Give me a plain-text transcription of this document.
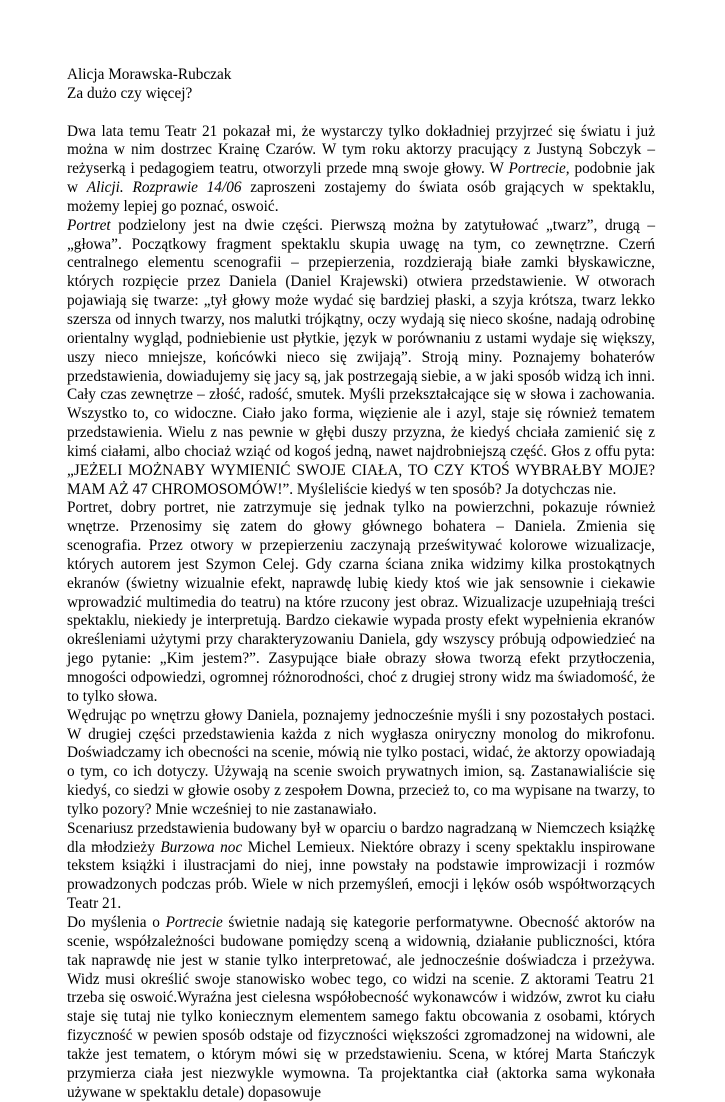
Alicja Morawska-Rubczak

Za dużo czy więcej?

Dwa lata temu Teatr 21 pokazał mi, że wystarczy tylko dokładniej przyjrzeć się światu i już można w nim dostrzec Krainę Czarów. W tym roku aktorzy pracujący z Justyną Sobczyk – reżyserką i pedagogiem teatru, otworzyli przede mną swoje głowy. W Portrecie, podobnie jak w Alicji. Rozprawie 14/06 zaproszeni zostajemy do świata osób grających w spektaklu, możemy lepiej go poznać, oswoić.

Portret podzielony jest na dwie części. Pierwszą można by zatytułować „twarz”, drugą – „głowa”. Początkowy fragment spektaklu skupia uwagę na tym, co zewnętrzne. Czerń centralnego elementu scenografii – przepierzenia, rozdzierają białe zamki błyskawiczne, których rozpięcie przez Daniela (Daniel Krajewski) otwiera przedstawienie. W otworach pojawiają się twarze: „tył głowy może wydać się bardziej płaski, a szyja krótsza, twarz lekko szersza od innych twarzy, nos malutki trójkątny, oczy wydają się nieco skośne, nadają odrobinę orientalny wygląd, podniebienie ust płytkie, język w porównaniu z ustami wydaje się większy, uszy nieco mniejsze, końcówki nieco się zwijają”. Stroją miny. Poznajemy bohaterów przedstawienia, dowiadujemy się jacy są, jak postrzegają siebie, a w jaki sposób widzą ich inni. Cały czas zewnętrze – złość, radość, smutek. Myśli przekształcające się w słowa i zachowania. Wszystko to, co widoczne. Ciało jako forma, więzienie ale i azyl, staje się również tematem przedstawienia. Wielu z nas pewnie w głębi duszy przyzna, że kiedyś chciała zamienić się z kimś ciałami, albo chociaż wziąć od kogoś jedną, nawet najdrobniejszą część. Głos z offu pyta: „JEŻELI MOŻNABY WYMIENIĆ SWOJE CIAŁA, TO CZY KTOŚ WYBRAŁBY MOJE? MAM AŻ 47 CHROMOSOMÓW!”. Myśleliście kiedyś w ten sposób? Ja dotychczas nie.

Portret, dobry portret, nie zatrzymuje się jednak tylko na powierzchni, pokazuje również wnętrze. Przenosimy się zatem do głowy głównego bohatera – Daniela. Zmienia się scenografia. Przez otwory w przepierzeniu zaczynają prześwitywać kolorowe wizualizacje, których autorem jest Szymon Celej. Gdy czarna ściana znika widzimy kilka prostokątnych ekranów (świetny wizualnie efekt, naprawdę lubię kiedy ktoś wie jak sensownie i ciekawie wprowadzić multimedia do teatru) na które rzucony jest obraz. Wizualizacje uzupełniają treści spektaklu, niekiedy je interpretują. Bardzo ciekawie wypada prosty efekt wypełnienia ekranów określeniami użytymi przy charakteryzowaniu Daniela, gdy wszyscy próbują odpowiedzieć na jego pytanie: „Kim jestem?”. Zasypujące białe obrazy słowa tworzą efekt przytłoczenia, mnogości odpowiedzi, ogromnej różnorodności, choć z drugiej strony widz ma świadomość, że to tylko słowa.

Wędrując po wnętrzu głowy Daniela, poznajemy jednocześnie myśli i sny pozostałych postaci. W drugiej części przedstawienia każda z nich wygłasza oniryczny monolog do mikrofonu. Doświadczamy ich obecności na scenie, mówią nie tylko postaci, widać, że aktorzy opowiadają o tym, co ich dotyczy. Używają na scenie swoich prywatnych imion, są. Zastanawialiście się kiedyś, co siedzi w głowie osoby z zespołem Downa, przecież to, co ma wypisane na twarzy, to tylko pozory? Mnie wcześniej to nie zastanawiało.

Scenariusz przedstawienia budowany był w oparciu o bardzo nagradzaną w Niemczech książkę dla młodzieży Burzowa noc Michel Lemieux. Niektóre obrazy i sceny spektaklu inspirowane tekstem książki i ilustracjami do niej, inne powstały na podstawie improwizacji i rozmów prowadzonych podczas prób. Wiele w nich przemyśleń, emocji i lęków osób współtworzących Teatr 21.

Do myślenia o Portrecie świetnie nadają się kategorie performatywne. Obecność aktorów na scenie, współzależności budowane pomiędzy sceną a widownią, działanie publiczności, która tak naprawdę nie jest w stanie tylko interpretować, ale jednocześnie doświadcza i przeżywa. Widz musi określić swoje stanowisko wobec tego, co widzi na scenie. Z aktorami Teatru 21 trzeba się oswoić.Wyraźna jest cielesna współobecność wykonawców i widzów, zwrot ku ciału staje się tutaj nie tylko koniecznym elementem samego faktu obcowania z osobami, których fizyczność w pewien sposób odstaje od fizyczności większości zgromadzonej na widowni, ale także jest tematem, o którym mówi się w przedstawieniu. Scena, w której Marta Stańczyk przymierza ciała jest niezwykle wymowna. Ta projektantka ciał (aktorka sama wykonała używane w spektaklu detale) dopasowuje
